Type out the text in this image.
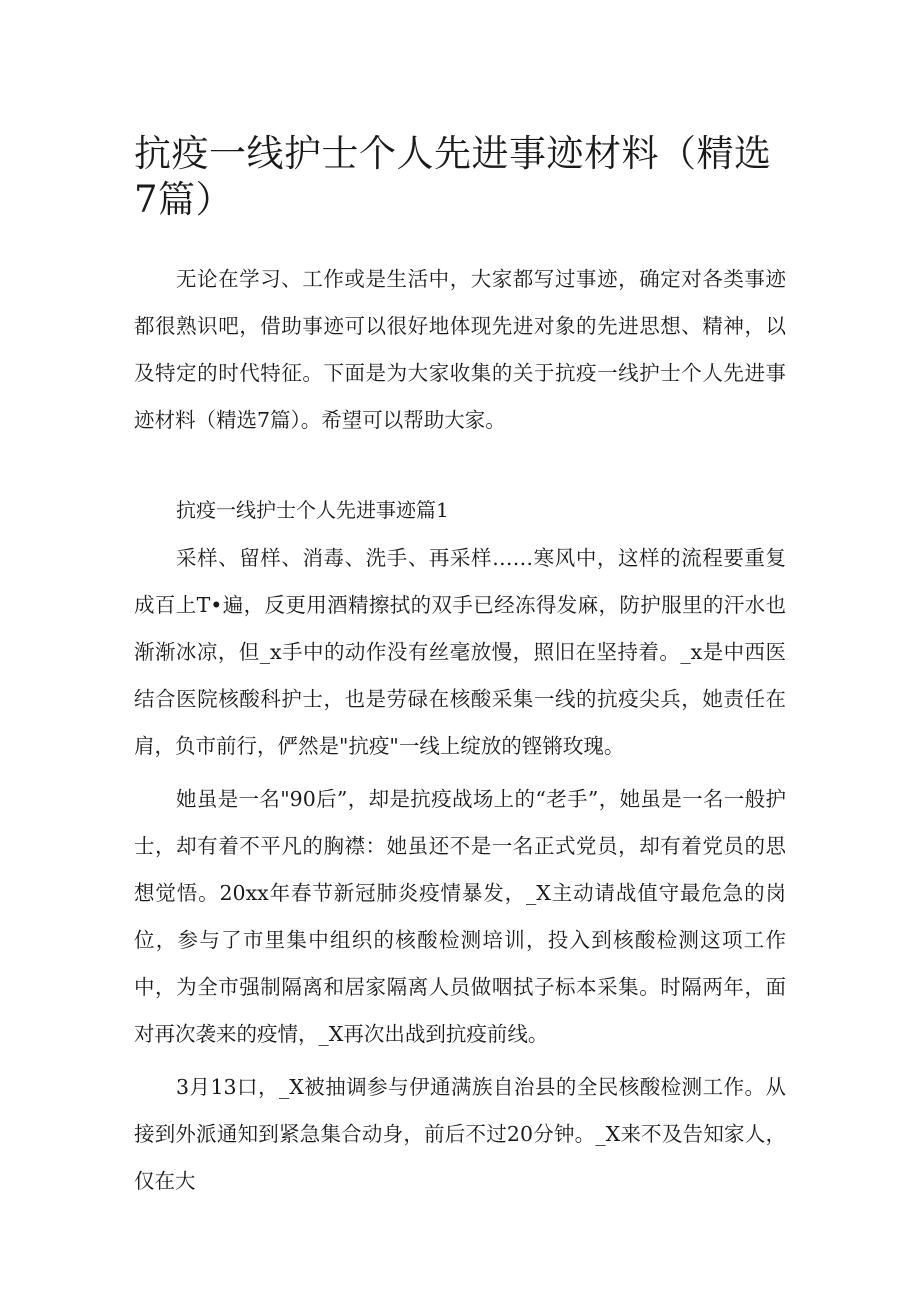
抗疫一线护士个人先进事迹材料（精选7篇）

无论在学习、工作或是生活中，大家都写过事迹，确定对各类事迹都很熟识吧，借助事迹可以很好地体现先进对象的先进思想、精神，以及特定的时代特征。下面是为大家收集的关于抗疫一线护士个人先进事迹材料（精选7篇）。希望可以帮助大家。

抗疫一线护士个人先进事迹篇1

采样、留样、消毒、洗手、再采样……寒风中，这样的流程要重复成百上T•遍，反更用酒精擦拭的双手已经冻得发麻，防护服里的汗水也渐渐冰凉，但_x手中的动作没有丝毫放慢，照旧在坚持着。_x是中西医结合医院核酸科护士，也是劳碌在核酸采集一线的抗疫尖兵，她责任在肩，负市前行，俨然是"抗疫"一线上绽放的铿锵玫瑰。

她虽是一名"90后”，却是抗疫战场上的“老手”，她虽是一名一般护士，却有着不平凡的胸襟：她虽还不是一名正式党员，却有着党员的思想觉悟。20xx年春节新冠肺炎疫情暴发，_X主动请战值守最危急的岗位，参与了市里集中组织的核酸检测培训，投入到核酸检测这项工作中，为全市强制隔离和居家隔离人员做咽拭子标本采集。时隔两年，面对再次袭来的疫情，_X再次出战到抗疫前线。

3月13口，_X被抽调参与伊通满族自治县的全民核酸检测工作。从接到外派通知到紧急集合动身，前后不过20分钟。_X来不及告知家人，仅在大
